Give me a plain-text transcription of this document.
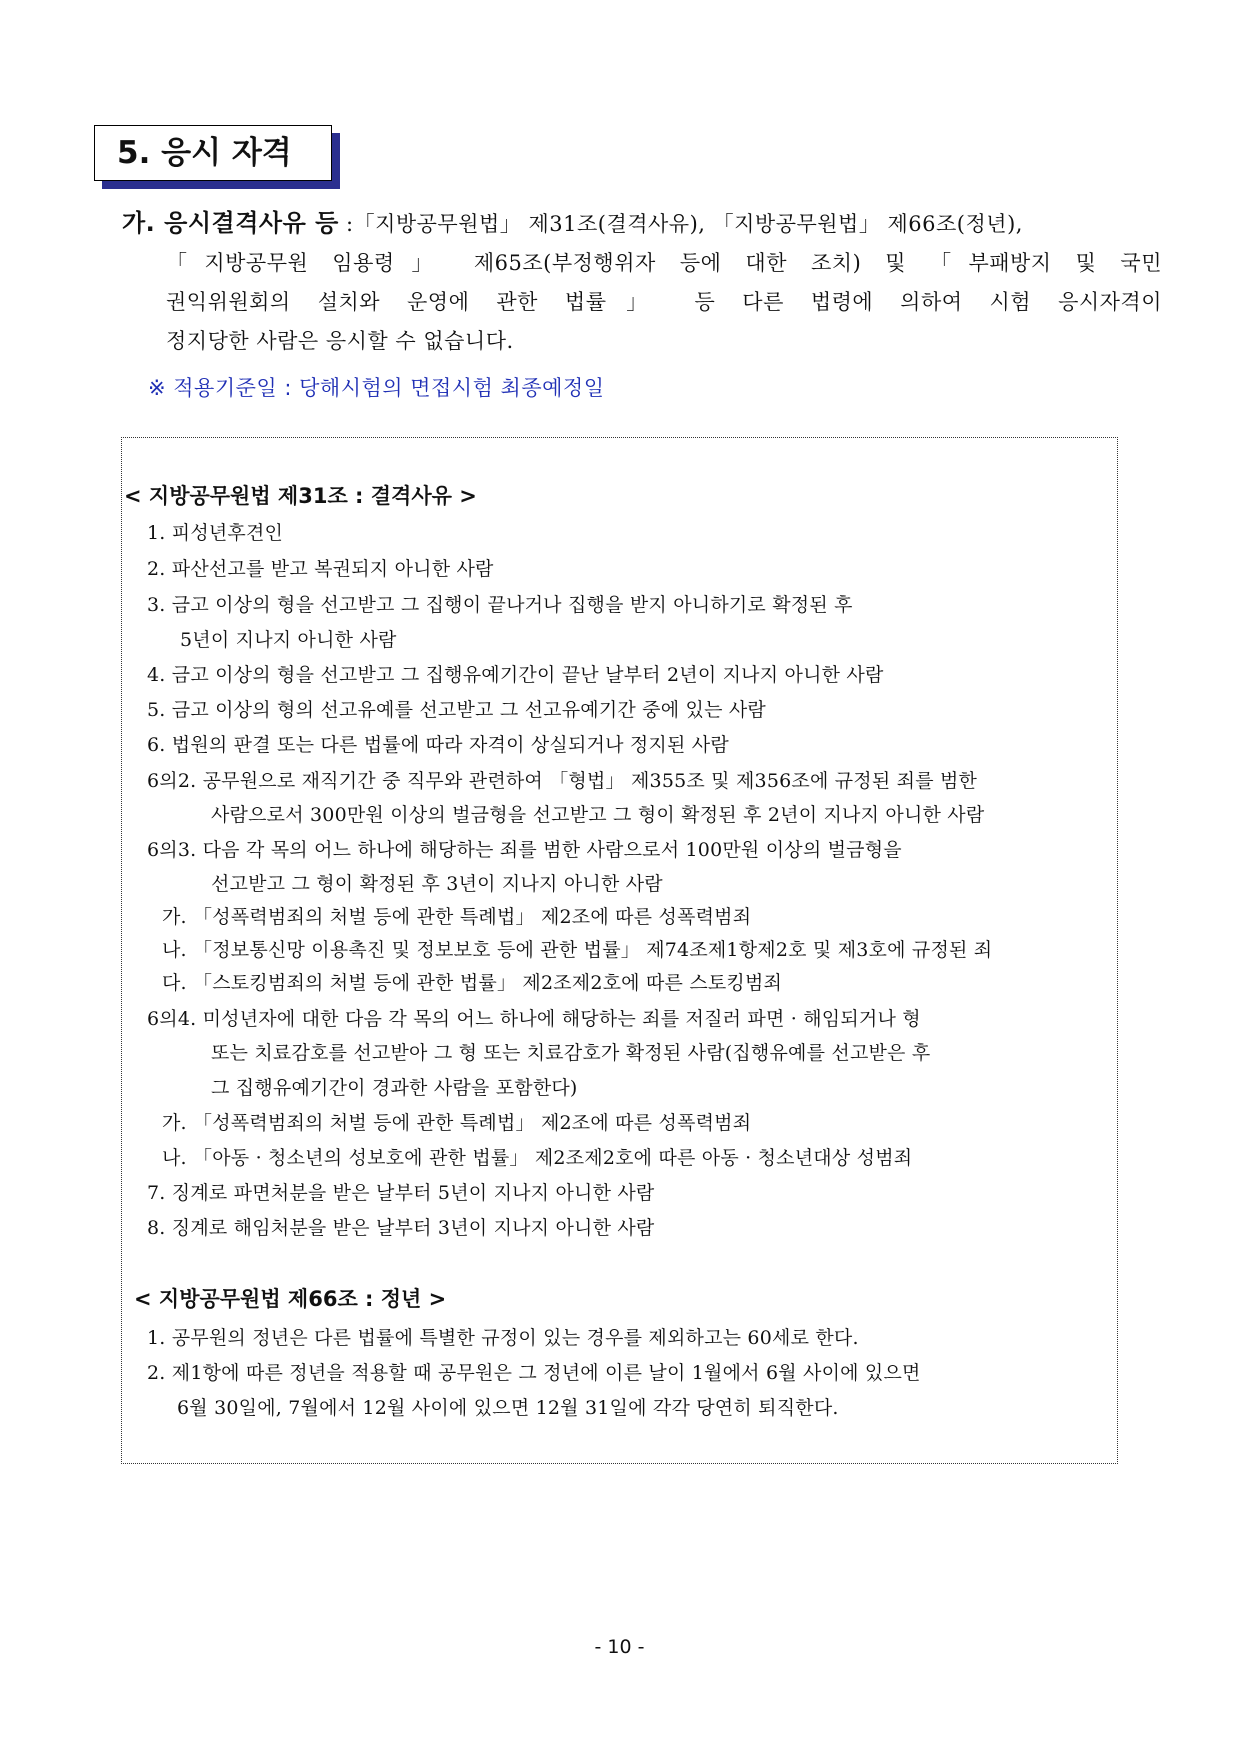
5. 응시 자격
가. 응시결격사유 등 :「지방공무원법」 제31조(결격사유), 「지방공무원법」 제66조(정년),
「지방공무원 임용령」 제65조(부정행위자 등에 대한 조치) 및 「부패방지 및 국민
권익위원회의 설치와 운영에 관한 법률」 등 다른 법령에 의하여 시험 응시자격이
정지당한 사람은 응시할 수 없습니다.
※ 적용기준일 : 당해시험의 면접시험 최종예정일
< 지방공무원법 제31조 : 결격사유 >
1. 피성년후견인
2. 파산선고를 받고 복권되지 아니한 사람
3. 금고 이상의 형을 선고받고 그 집행이 끝나거나 집행을 받지 아니하기로 확정된 후
5년이 지나지 아니한 사람
4. 금고 이상의 형을 선고받고 그 집행유예기간이 끝난 날부터 2년이 지나지 아니한 사람
5. 금고 이상의 형의 선고유예를 선고받고 그 선고유예기간 중에 있는 사람
6. 법원의 판결 또는 다른 법률에 따라 자격이 상실되거나 정지된 사람
6의2. 공무원으로 재직기간 중 직무와 관련하여 「형법」 제355조 및 제356조에 규정된 죄를 범한
사람으로서 300만원 이상의 벌금형을 선고받고 그 형이 확정된 후 2년이 지나지 아니한 사람
6의3. 다음 각 목의 어느 하나에 해당하는 죄를 범한 사람으로서 100만원 이상의 벌금형을
선고받고 그 형이 확정된 후 3년이 지나지 아니한 사람
가. 「성폭력범죄의 처벌 등에 관한 특례법」 제2조에 따른 성폭력범죄
나. 「정보통신망 이용촉진 및 정보보호 등에 관한 법률」 제74조제1항제2호 및 제3호에 규정된 죄
다. 「스토킹범죄의 처벌 등에 관한 법률」 제2조제2호에 따른 스토킹범죄
6의4. 미성년자에 대한 다음 각 목의 어느 하나에 해당하는 죄를 저질러 파면 · 해임되거나 형
또는 치료감호를 선고받아 그 형 또는 치료감호가 확정된 사람(집행유예를 선고받은 후
그 집행유예기간이 경과한 사람을 포함한다)
가. 「성폭력범죄의 처벌 등에 관한 특례법」 제2조에 따른 성폭력범죄
나. 「아동 · 청소년의 성보호에 관한 법률」 제2조제2호에 따른 아동 · 청소년대상 성범죄
7. 징계로 파면처분을 받은 날부터 5년이 지나지 아니한 사람
8. 징계로 해임처분을 받은 날부터 3년이 지나지 아니한 사람
< 지방공무원법 제66조 : 정년 >
1. 공무원의 정년은 다른 법률에 특별한 규정이 있는 경우를 제외하고는 60세로 한다.
2. 제1항에 따른 정년을 적용할 때 공무원은 그 정년에 이른 날이 1월에서 6월 사이에 있으면
6월 30일에, 7월에서 12월 사이에 있으면 12월 31일에 각각 당연히 퇴직한다.
- 10 -
